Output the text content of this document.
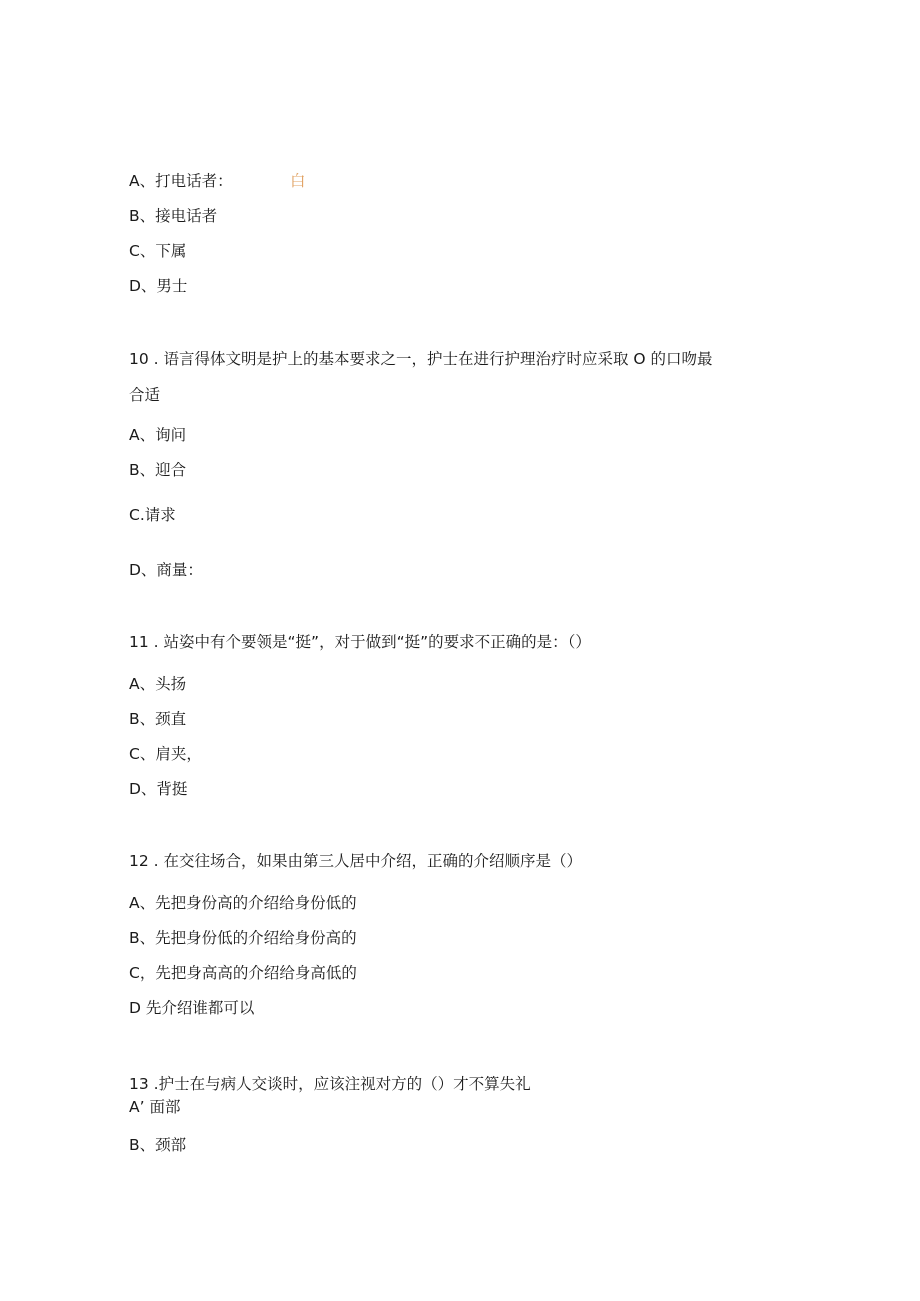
A、打电话者：	白
B、接电话者
C、下属
D、男士
10 . 语言得体文明是护上的基本要求之一，护士在进行护理治疗时应采取 O 的口吻最
合适
A、询问
B、迎合
C.请求
D、商量：
11 . 站姿中有个要领是“挺”，对于做到“挺”的要求不正确的是：（）
A、头扬
B、颈直
C、肩夹，
D、背挺
12 . 在交往场合，如果由第三人居中介绍，正确的介绍顺序是（）
A、先把身份高的介绍给身份低的
B、先把身份低的介绍给身份高的
C，先把身高高的介绍给身高低的
D 先介绍谁都可以
13 .护士在与病人交谈时，应该注视对方的（）才不算失礼
A’ 面部
B、颈部
